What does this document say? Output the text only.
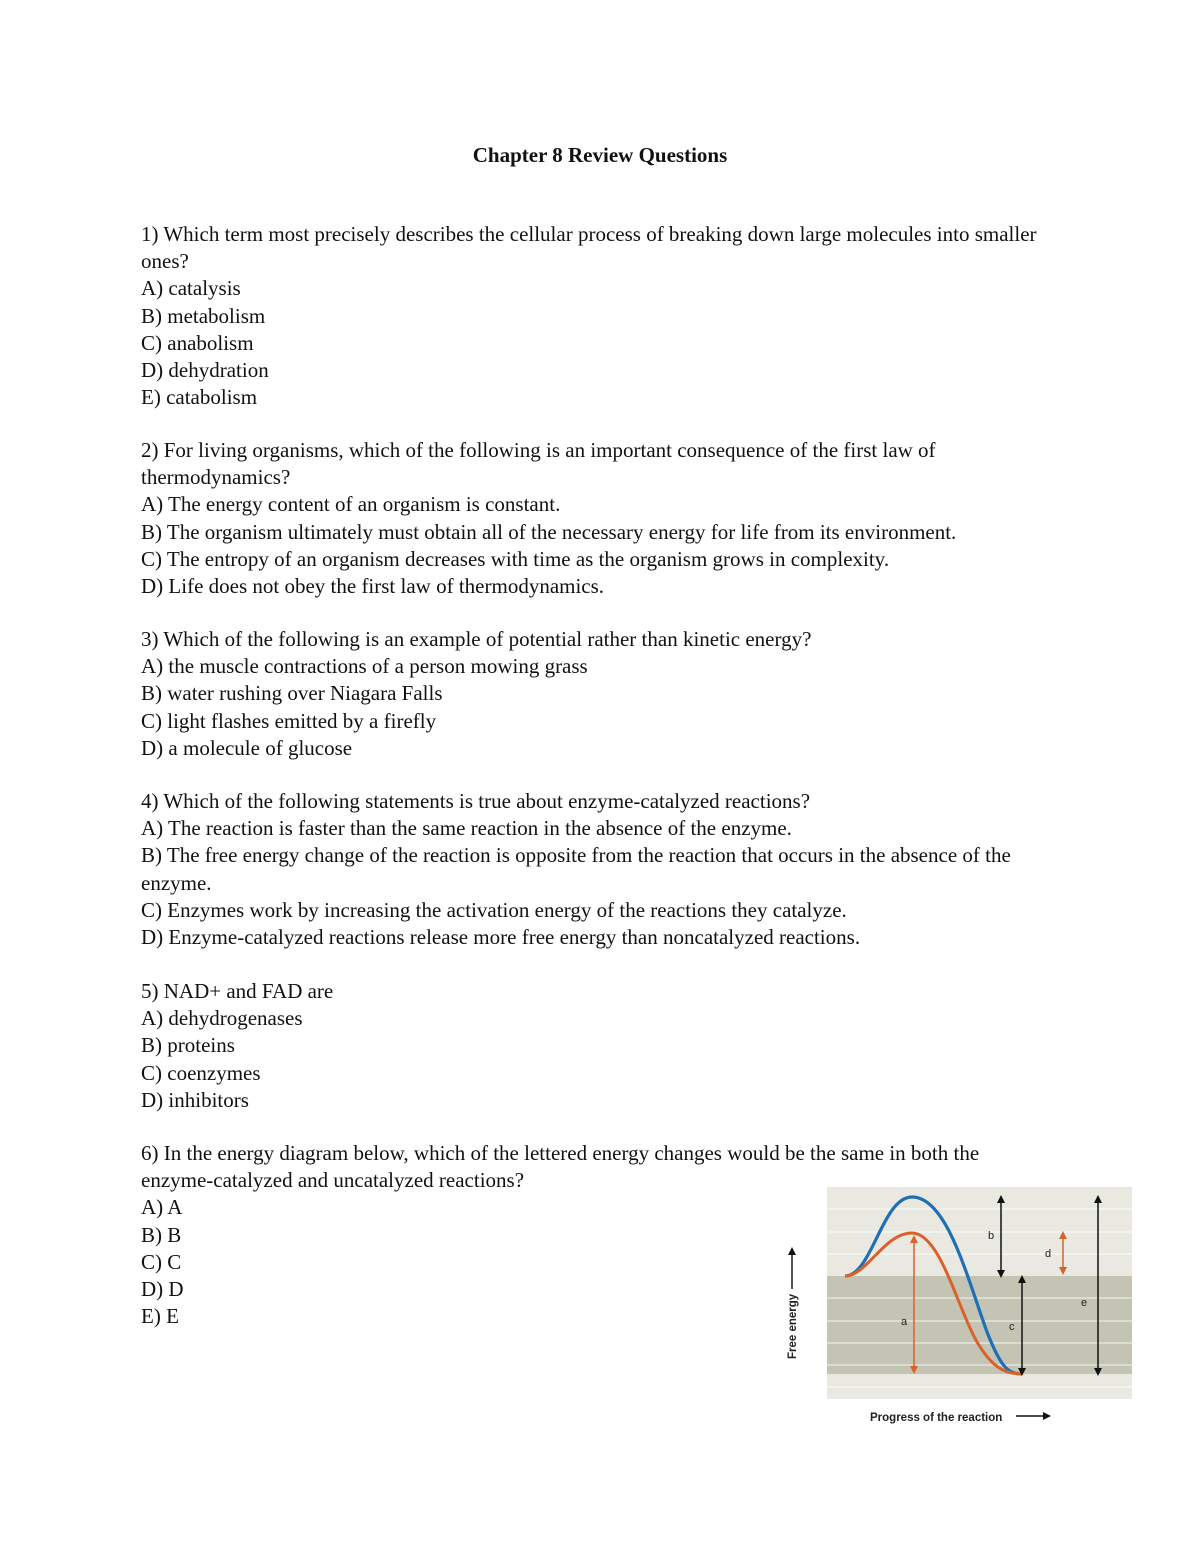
Chapter 8 Review Questions
1) Which term most precisely describes the cellular process of breaking down large molecules into smaller ones?
A) catalysis
B) metabolism
C) anabolism
D) dehydration
E) catabolism
2) For living organisms, which of the following is an important consequence of the first law of thermodynamics?
A) The energy content of an organism is constant.
B) The organism ultimately must obtain all of the necessary energy for life from its environment.
C) The entropy of an organism decreases with time as the organism grows in complexity.
D) Life does not obey the first law of thermodynamics.
3) Which of the following is an example of potential rather than kinetic energy?
A) the muscle contractions of a person mowing grass
B) water rushing over Niagara Falls
C) light flashes emitted by a firefly
D) a molecule of glucose
4) Which of the following statements is true about enzyme-catalyzed reactions?
A) The reaction is faster than the same reaction in the absence of the enzyme.
B) The free energy change of the reaction is opposite from the reaction that occurs in the absence of the enzyme.
C) Enzymes work by increasing the activation energy of the reactions they catalyze.
D) Enzyme-catalyzed reactions release more free energy than noncatalyzed reactions.
5) NAD+ and FAD are
A) dehydrogenases
B) proteins
C) coenzymes
D) inhibitors
6) In the energy diagram below, which of the lettered energy changes would be the same in both the enzyme-catalyzed and uncatalyzed reactions?
A) A
B) B
C) C
D) D
E) E	a
b
c
d
e
Free energy
Progress of the reaction
